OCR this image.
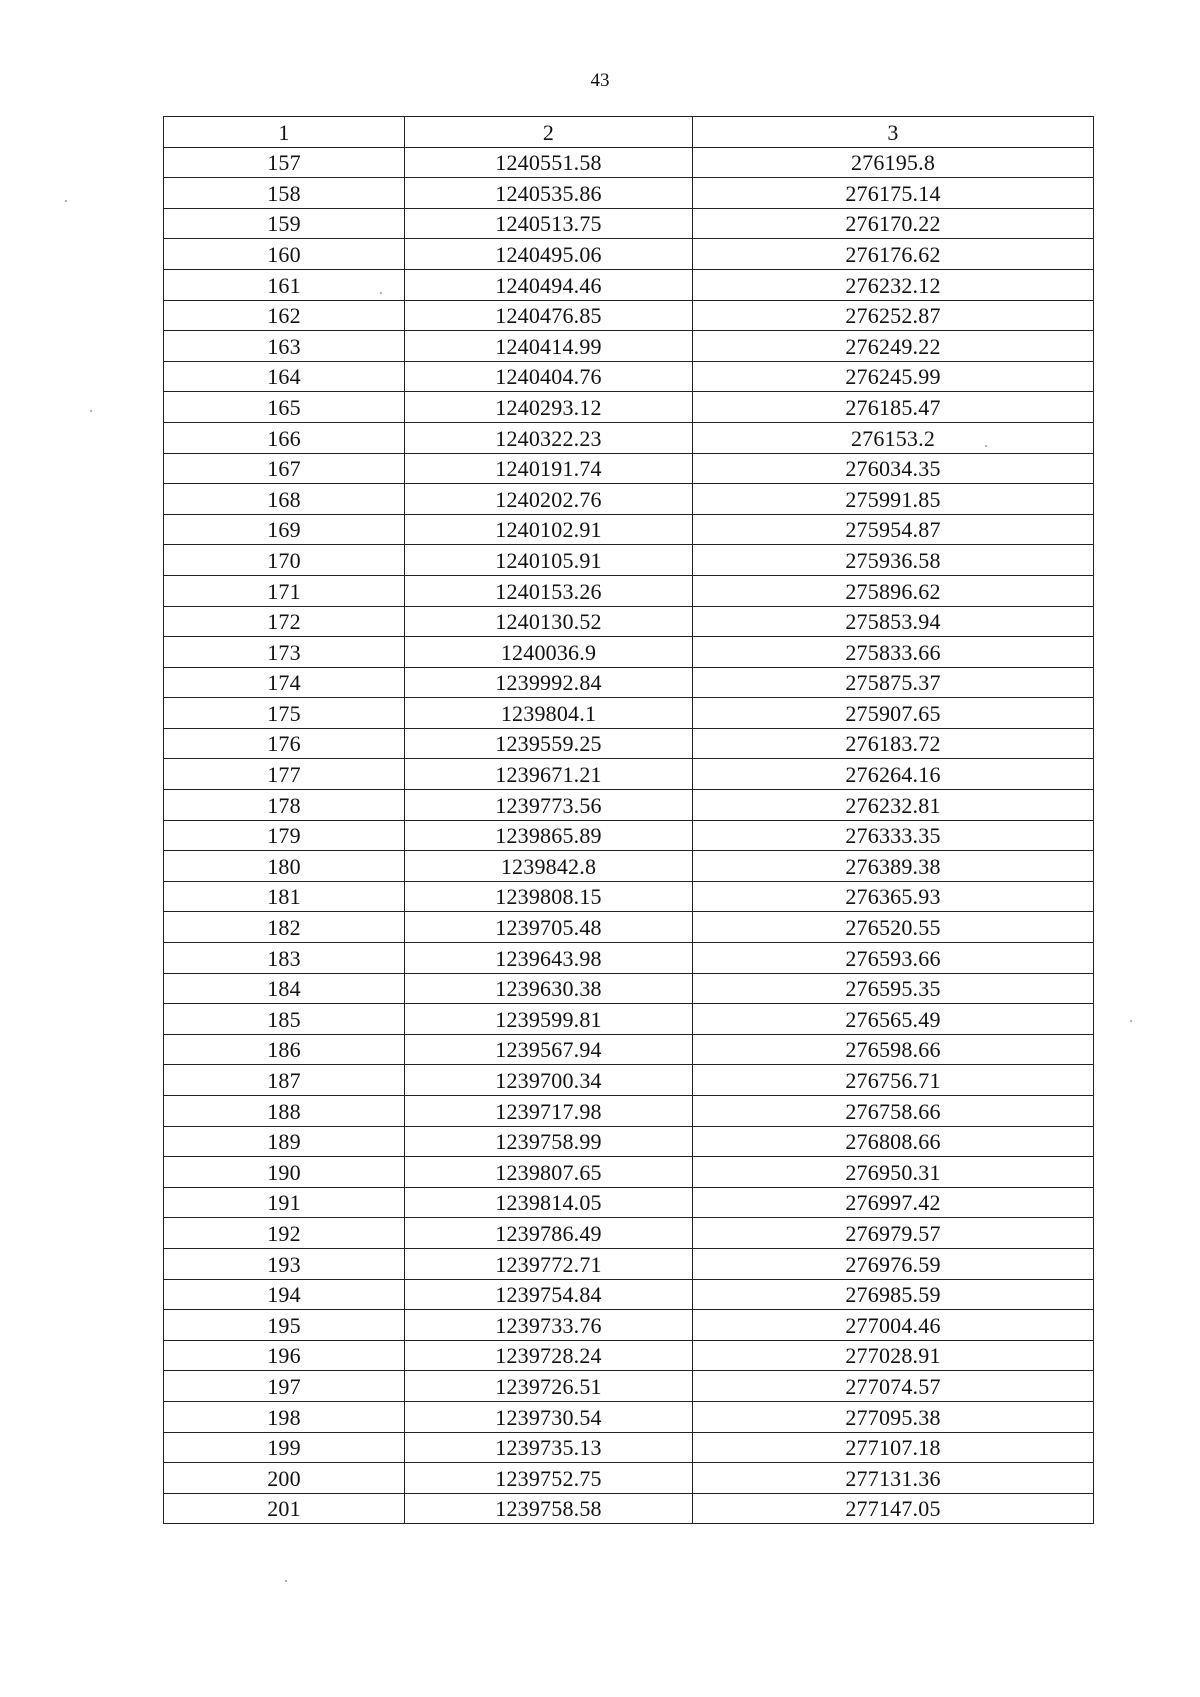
43
1	2	3
157	1240551.58	276195.8
158	1240535.86	276175.14
159	1240513.75	276170.22
160	1240495.06	276176.62
161	1240494.46	276232.12
162	1240476.85	276252.87
163	1240414.99	276249.22
164	1240404.76	276245.99
165	1240293.12	276185.47
166	1240322.23	276153.2
167	1240191.74	276034.35
168	1240202.76	275991.85
169	1240102.91	275954.87
170	1240105.91	275936.58
171	1240153.26	275896.62
172	1240130.52	275853.94
173	1240036.9	275833.66
174	1239992.84	275875.37
175	1239804.1	275907.65
176	1239559.25	276183.72
177	1239671.21	276264.16
178	1239773.56	276232.81
179	1239865.89	276333.35
180	1239842.8	276389.38
181	1239808.15	276365.93
182	1239705.48	276520.55
183	1239643.98	276593.66
184	1239630.38	276595.35
185	1239599.81	276565.49
186	1239567.94	276598.66
187	1239700.34	276756.71
188	1239717.98	276758.66
189	1239758.99	276808.66
190	1239807.65	276950.31
191	1239814.05	276997.42
192	1239786.49	276979.57
193	1239772.71	276976.59
194	1239754.84	276985.59
195	1239733.76	277004.46
196	1239728.24	277028.91
197	1239726.51	277074.57
198	1239730.54	277095.38
199	1239735.13	277107.18
200	1239752.75	277131.36
201	1239758.58	277147.05
